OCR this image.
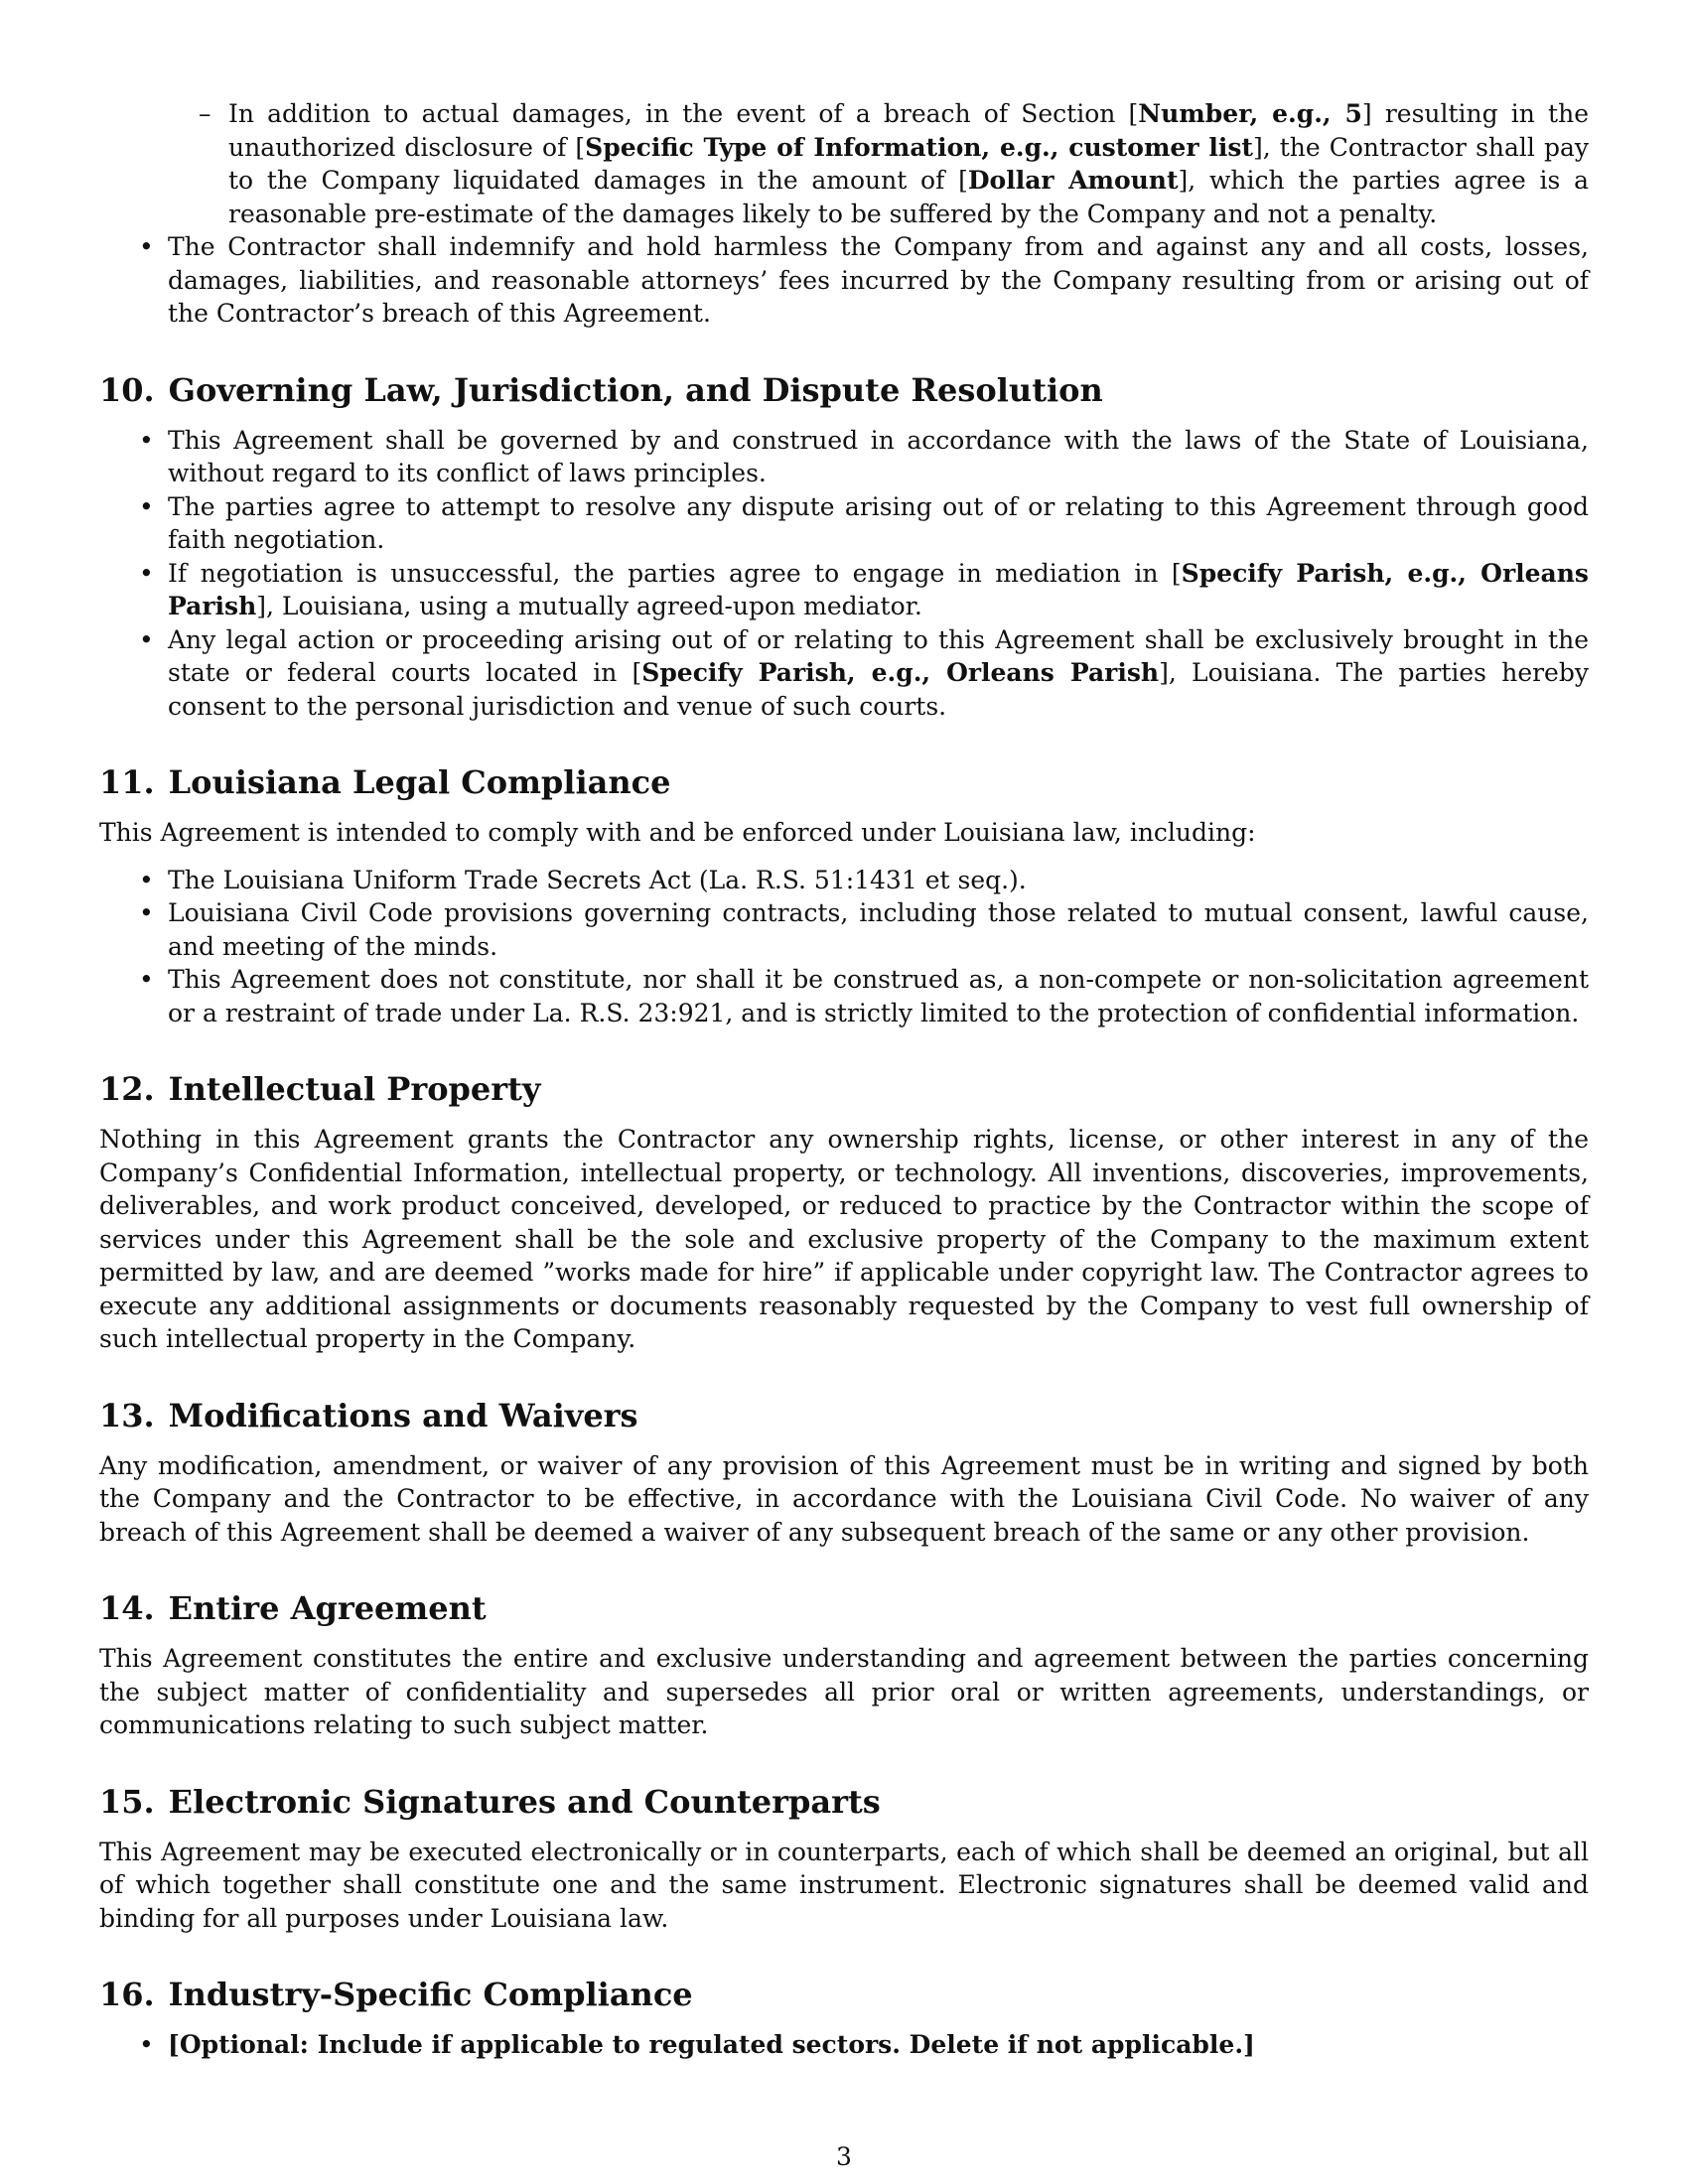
– In addition to actual damages, in the event of a breach of Section [Number, e.g., 5] resulting in the unauthorized disclosure of [Specific Type of Information, e.g., customer list], the Contractor shall pay to the Company liquidated damages in the amount of [Dollar Amount], which the parties agree is a reasonable pre-estimate of the damages likely to be suffered by the Company and not a penalty.
• The Contractor shall indemnify and hold harmless the Company from and against any and all costs, losses, damages, liabilities, and reasonable attorneys’ fees incurred by the Company resulting from or arising out of the Contractor’s breach of this Agreement.
10. Governing Law, Jurisdiction, and Dispute Resolution
• This Agreement shall be governed by and construed in accordance with the laws of the State of Louisiana, without regard to its conflict of laws principles.
• The parties agree to attempt to resolve any dispute arising out of or relating to this Agreement through good faith negotiation.
• If negotiation is unsuccessful, the parties agree to engage in mediation in [Specify Parish, e.g., Orleans Parish], Louisiana, using a mutually agreed-upon mediator.
• Any legal action or proceeding arising out of or relating to this Agreement shall be exclusively brought in the state or federal courts located in [Specify Parish, e.g., Orleans Parish], Louisiana. The parties hereby consent to the personal jurisdiction and venue of such courts.
11. Louisiana Legal Compliance

This Agreement is intended to comply with and be enforced under Louisiana law, including:

• The Louisiana Uniform Trade Secrets Act (La. R.S. 51:1431 et seq.).
• Louisiana Civil Code provisions governing contracts, including those related to mutual consent, lawful cause, and meeting of the minds.
• This Agreement does not constitute, nor shall it be construed as, a non-compete or non-solicitation agreement or a restraint of trade under La. R.S. 23:921, and is strictly limited to the protection of confidential information.
12. Intellectual Property

Nothing in this Agreement grants the Contractor any ownership rights, license, or other interest in any of the Company’s Confidential Information, intellectual property, or technology. All inventions, discoveries, improvements, deliverables, and work product conceived, developed, or reduced to practice by the Contractor within the scope of services under this Agreement shall be the sole and exclusive property of the Company to the maximum extent permitted by law, and are deemed ”works made for hire” if applicable under copyright law. The Contractor agrees to execute any additional assignments or documents reasonably requested by the Company to vest full ownership of such intellectual property in the Company.

13. Modifications and Waivers

Any modification, amendment, or waiver of any provision of this Agreement must be in writing and signed by both the Company and the Contractor to be effective, in accordance with the Louisiana Civil Code. No waiver of any breach of this Agreement shall be deemed a waiver of any subsequent breach of the same or any other provision.

14. Entire Agreement

This Agreement constitutes the entire and exclusive understanding and agreement between the parties concerning the subject matter of confidentiality and supersedes all prior oral or written agreements, understandings, or communications relating to such subject matter.

15. Electronic Signatures and Counterparts

This Agreement may be executed electronically or in counterparts, each of which shall be deemed an original, but all of which together shall constitute one and the same instrument. Electronic signatures shall be deemed valid and binding for all purposes under Louisiana law.

16. Industry-Specific Compliance
• [Optional: Include if applicable to regulated sectors. Delete if not applicable.]
3
